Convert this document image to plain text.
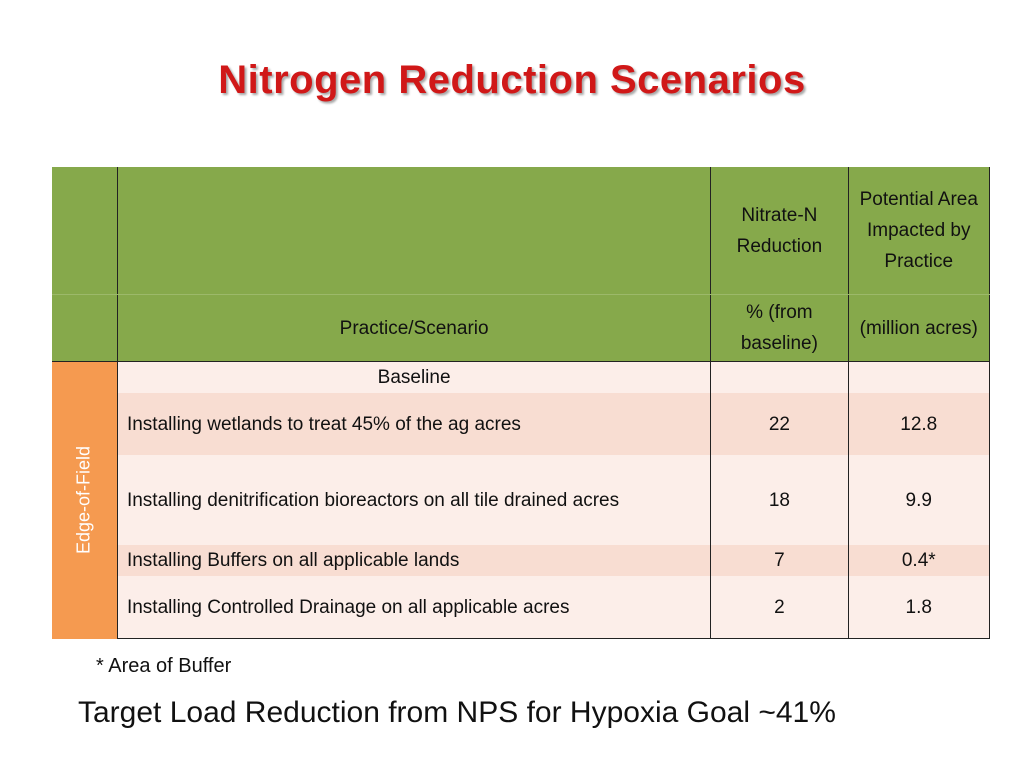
Nitrogen Reduction Scenarios
		Nitrate-N Reduction	Potential Area Impacted by Practice
	Practice/Scenario	% (from baseline)	(million acres)

Edge-of-Field	Baseline		
	Installing wetlands to treat 45% of the ag acres	22	12.8
	Installing denitrification bioreactors on all tile drained acres	18	9.9
	Installing Buffers on all applicable lands	7	0.4*
	Installing Controlled Drainage on all applicable acres	2	1.8
* Area of Buffer
Target Load Reduction from NPS for Hypoxia Goal ~41%
